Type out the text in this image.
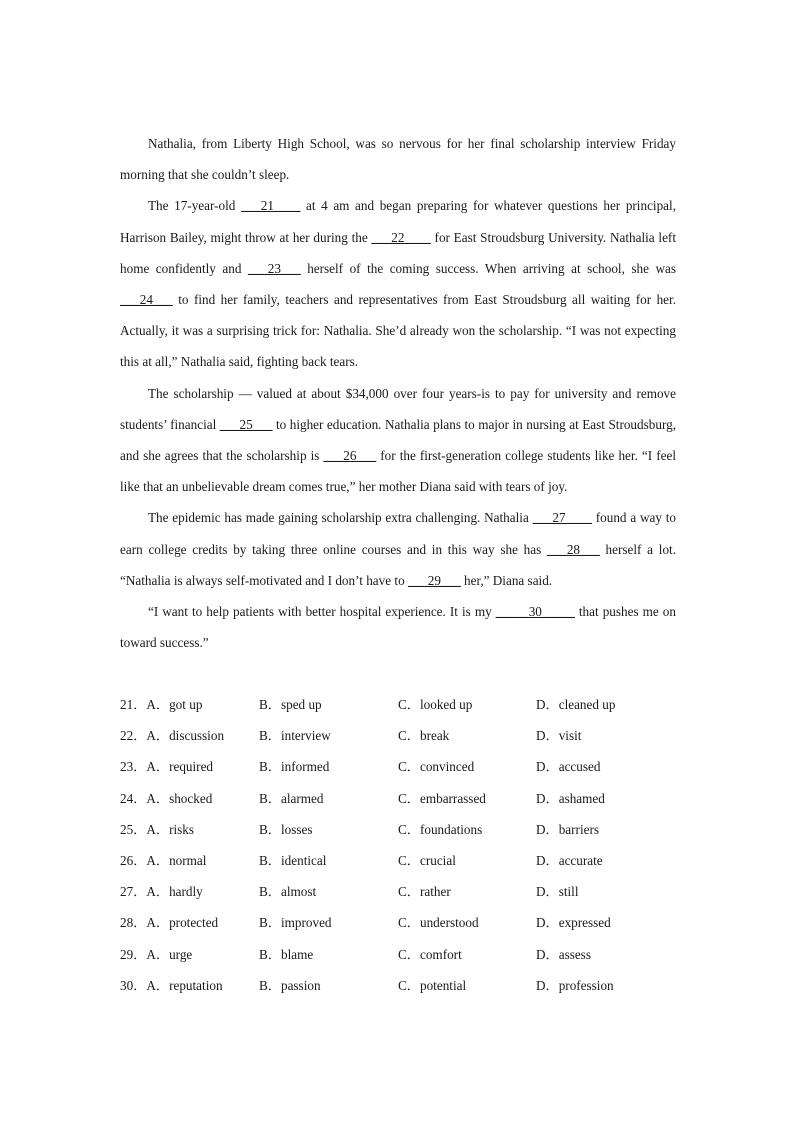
Nathalia, from Liberty High School, was so nervous for her final scholarship interview Friday morning that she couldn’t sleep.

The 17-year-old ___21____ at 4 am and began preparing for whatever questions her principal, Harrison Bailey, might throw at her during the ___22____ for East Stroudsburg University. Nathalia left home confidently and ___23___ herself of the coming success. When arriving at school, she was ___24___ to find her family, teachers and representatives from East Stroudsburg all waiting for her. Actually, it was a surprising trick for: Nathalia. She’d already won the scholarship. “I was not expecting this at all,” Nathalia said, fighting back tears.

The scholarship — valued at about $34,000 over four years-is to pay for university and remove students’ financial ___25___ to higher education. Nathalia plans to major in nursing at East Stroudsburg, and she agrees that the scholarship is ___26___ for the first-generation college students like her. “I feel like that an unbelievable dream comes true,” her mother Diana said with tears of joy.

The epidemic has made gaining scholarship extra challenging. Nathalia ___27____ found a way to earn college credits by taking three online courses and in this way she has ___28___ herself a lot. “Nathalia is always self-motivated and I don’t have to ___29___ her,” Diana said.

“I want to help patients with better hospital experience. It is my _____30_____ that pushes me on toward success.”

21．A．got up	B．sped up	C．looked up	D．cleaned up
22．A．discussion	B．interview	C．break	D．visit
23．A．required	B．informed	C．convinced	D．accused
24．A．shocked	B．alarmed	C．embarrassed	D．ashamed
25．A．risks	B．losses	C．foundations	D．barriers
26．A．normal	B．identical	C．crucial	D．accurate
27．A．hardly	B．almost	C．rather	D．still
28．A．protected	B．improved	C．understood	D．expressed
29．A．urge	B．blame	C．comfort	D．assess
30．A．reputation	B．passion	C．potential	D．profession
